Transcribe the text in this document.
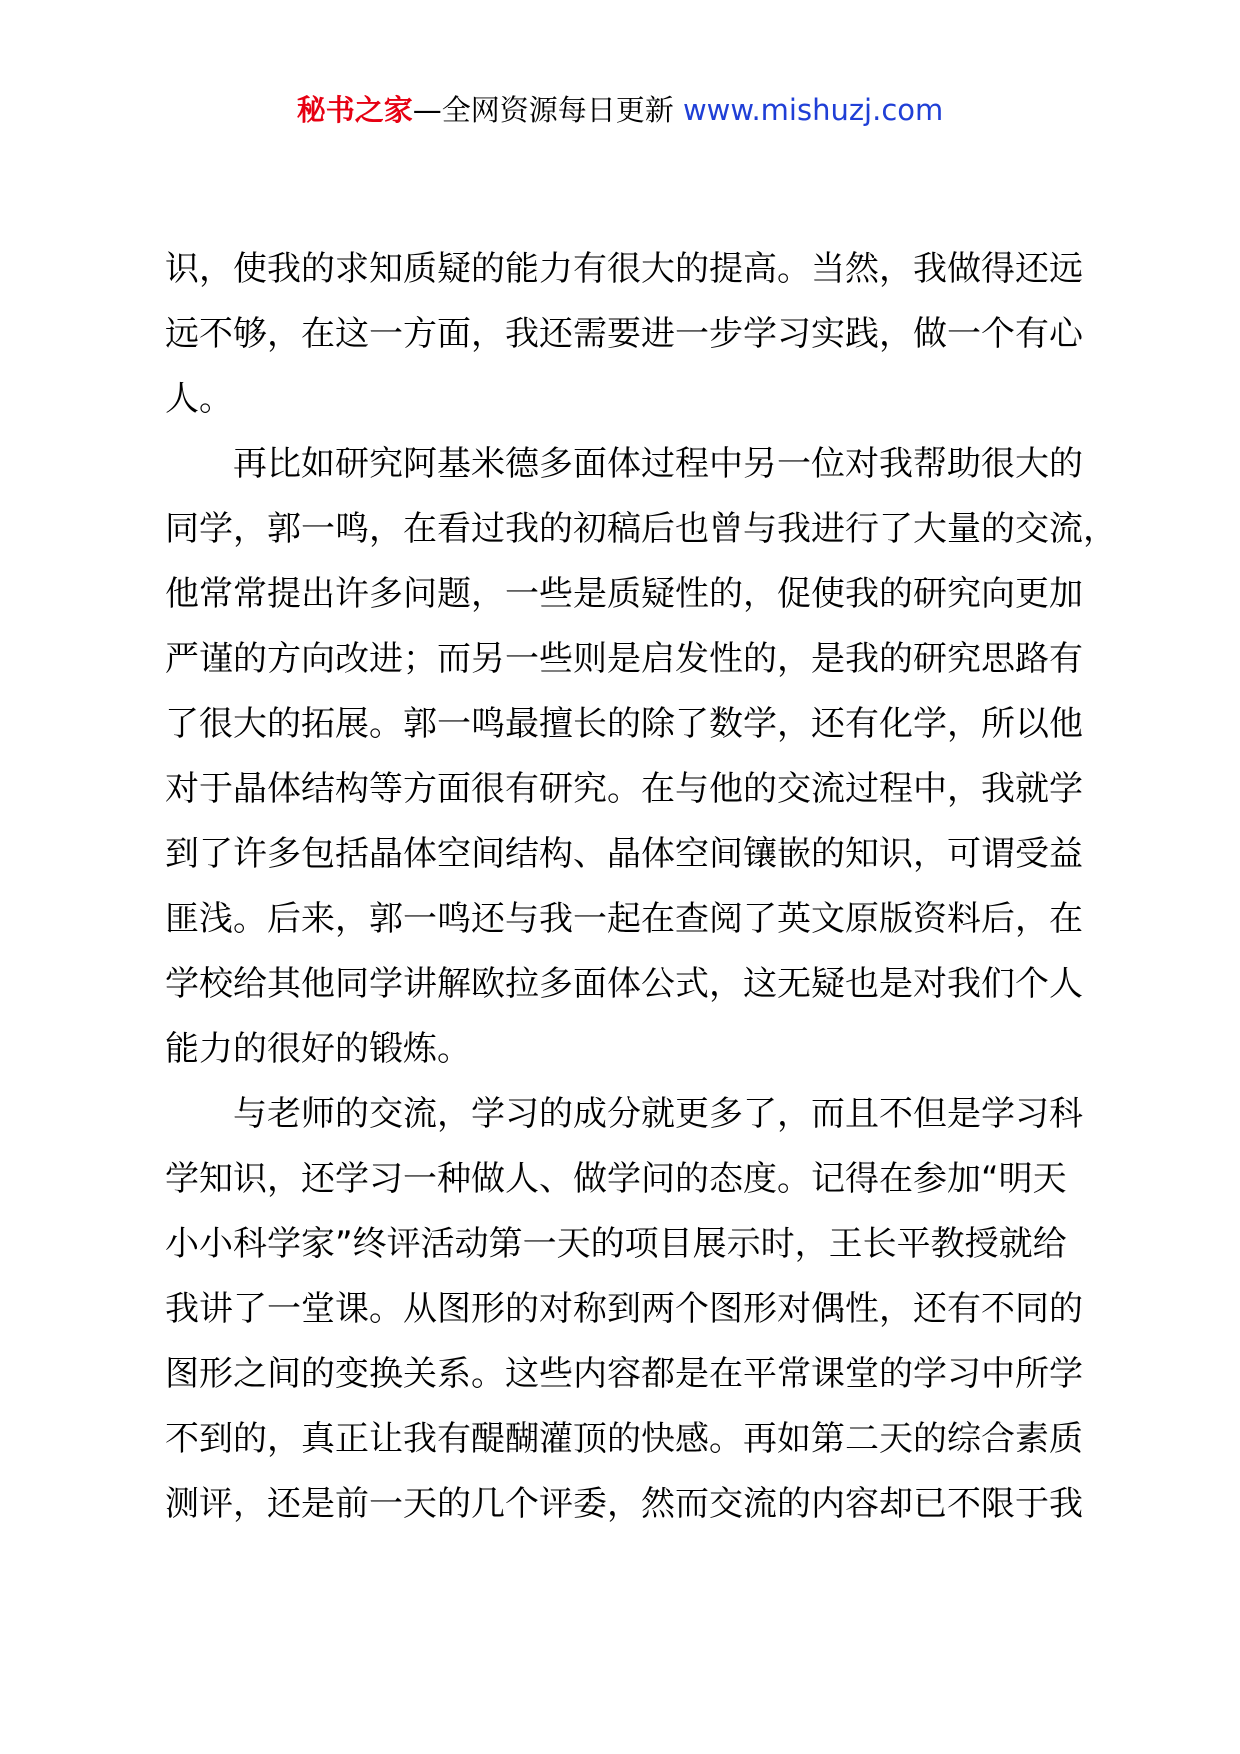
秘书之家—全网资源每日更新 www.mishuzj.com
识，使我的求知质疑的能力有很大的提高。当然，我做得还远
远不够，在这一方面，我还需要进一步学习实践，做一个有心
人。
　　再比如研究阿基米德多面体过程中另一位对我帮助很大的
同学，郭一鸣，在看过我的初稿后也曾与我进行了大量的交流，
他常常提出许多问题，一些是质疑性的，促使我的研究向更加
严谨的方向改进；而另一些则是启发性的，是我的研究思路有
了很大的拓展。郭一鸣最擅长的除了数学，还有化学，所以他
对于晶体结构等方面很有研究。在与他的交流过程中，我就学
到了许多包括晶体空间结构、晶体空间镶嵌的知识，可谓受益
匪浅。后来，郭一鸣还与我一起在查阅了英文原版资料后，在
学校给其他同学讲解欧拉多面体公式，这无疑也是对我们个人
能力的很好的锻炼。
　　与老师的交流，学习的成分就更多了，而且不但是学习科
学知识，还学习一种做人、做学问的态度。记得在参加“明天
小小科学家”终评活动第一天的项目展示时，王长平教授就给
我讲了一堂课。从图形的对称到两个图形对偶性，还有不同的
图形之间的变换关系。这些内容都是在平常课堂的学习中所学
不到的，真正让我有醍醐灌顶的快感。再如第二天的综合素质
测评，还是前一天的几个评委，然而交流的内容却已不限于我
